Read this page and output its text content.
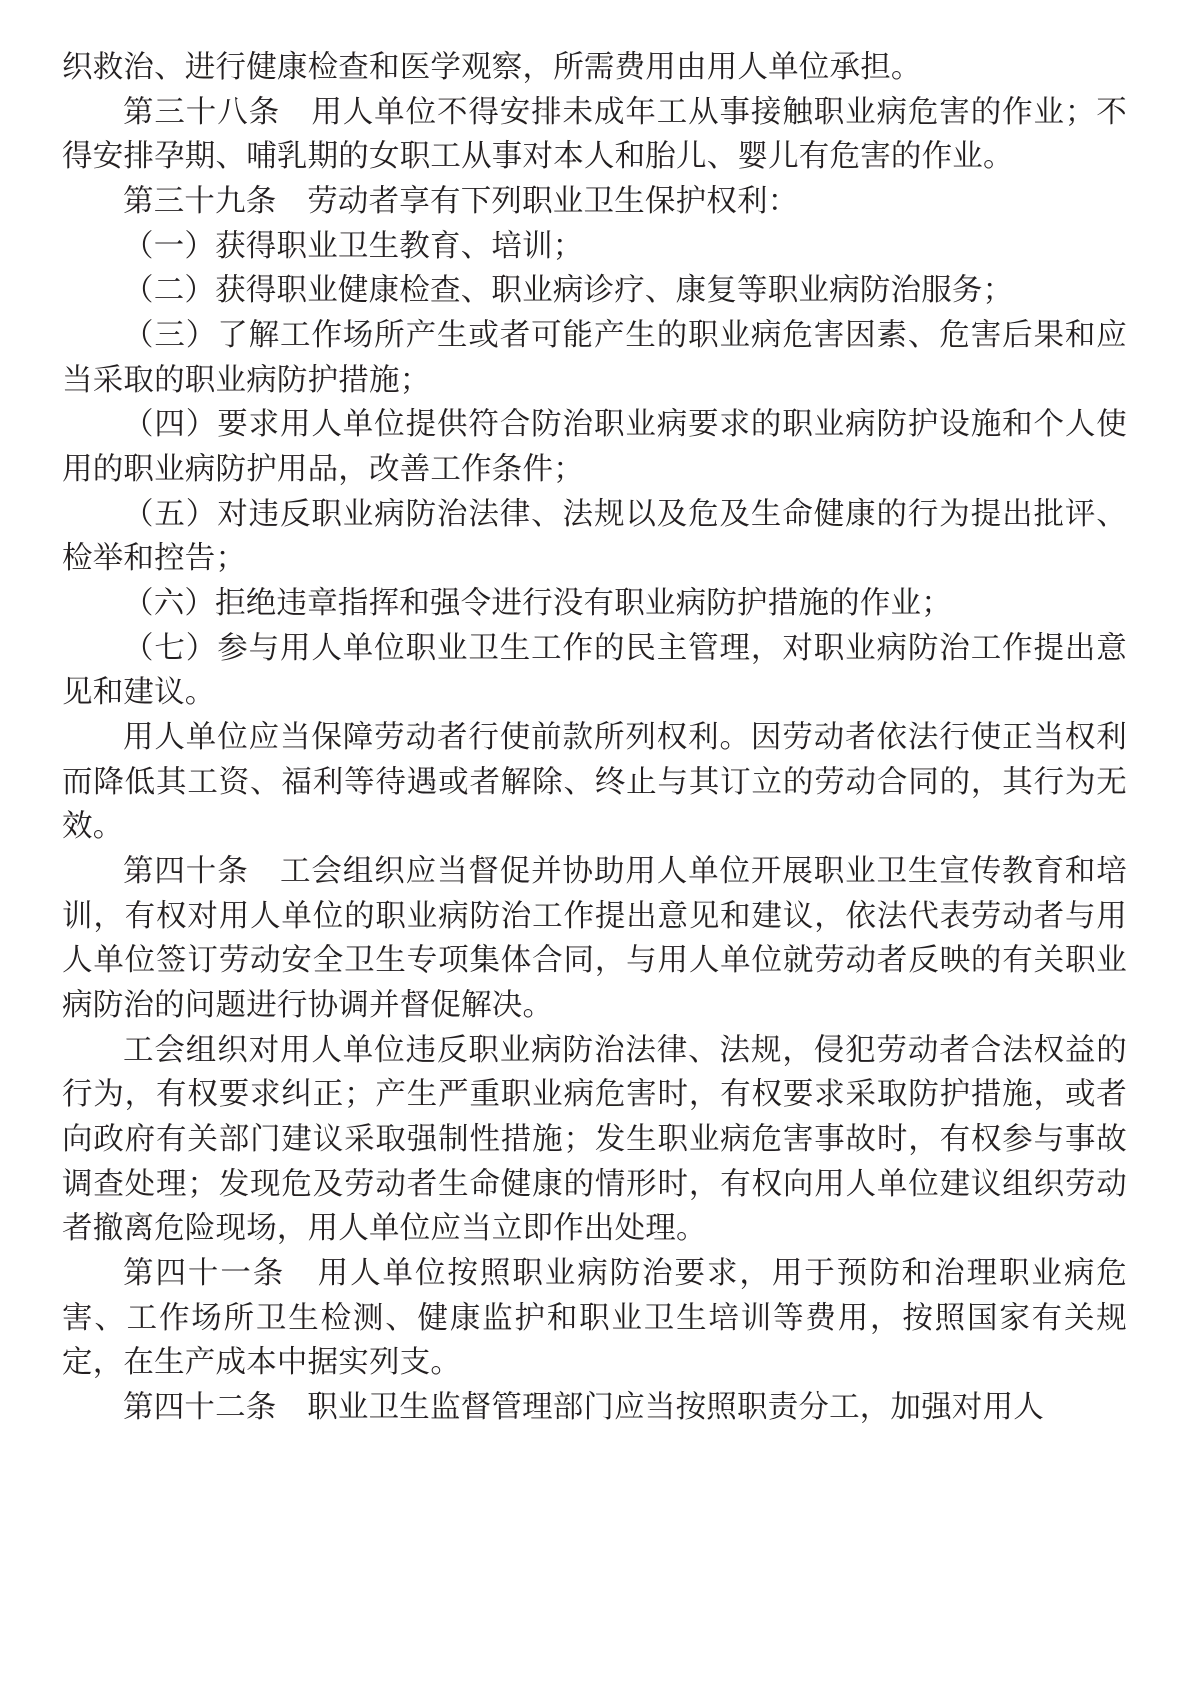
织救治、进行健康检查和医学观察，所需费用由用人单位承担。

第三十八条　用人单位不得安排未成年工从事接触职业病危害的作业；不得安排孕期、哺乳期的女职工从事对本人和胎儿、婴儿有危害的作业。

第三十九条　劳动者享有下列职业卫生保护权利：

（一）获得职业卫生教育、培训；

（二）获得职业健康检查、职业病诊疗、康复等职业病防治服务；

（三）了解工作场所产生或者可能产生的职业病危害因素、危害后果和应当采取的职业病防护措施；

（四）要求用人单位提供符合防治职业病要求的职业病防护设施和个人使用的职业病防护用品，改善工作条件；

（五）对违反职业病防治法律、法规以及危及生命健康的行为提出批评、检举和控告；

（六）拒绝违章指挥和强令进行没有职业病防护措施的作业；

（七）参与用人单位职业卫生工作的民主管理，对职业病防治工作提出意见和建议。

用人单位应当保障劳动者行使前款所列权利。因劳动者依法行使正当权利而降低其工资、福利等待遇或者解除、终止与其订立的劳动合同的，其行为无效。

第四十条　工会组织应当督促并协助用人单位开展职业卫生宣传教育和培训，有权对用人单位的职业病防治工作提出意见和建议，依法代表劳动者与用人单位签订劳动安全卫生专项集体合同，与用人单位就劳动者反映的有关职业病防治的问题进行协调并督促解决。

工会组织对用人单位违反职业病防治法律、法规，侵犯劳动者合法权益的行为，有权要求纠正；产生严重职业病危害时，有权要求采取防护措施，或者向政府有关部门建议采取强制性措施；发生职业病危害事故时，有权参与事故调查处理；发现危及劳动者生命健康的情形时，有权向用人单位建议组织劳动者撤离危险现场，用人单位应当立即作出处理。

第四十一条　用人单位按照职业病防治要求，用于预防和治理职业病危害、工作场所卫生检测、健康监护和职业卫生培训等费用，按照国家有关规定，在生产成本中据实列支。

第四十二条　职业卫生监督管理部门应当按照职责分工，加强对用人
